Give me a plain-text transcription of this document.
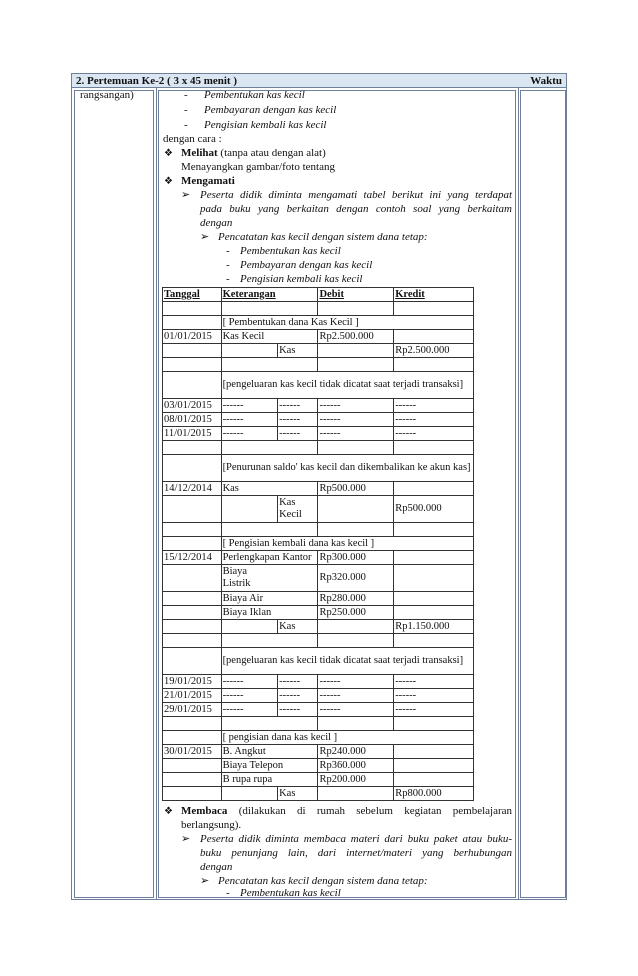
2. Pertemuan Ke-2 ( 3 x 45 menit )	Waktu
rangsangan)	- Pembentukan kas kecil
- Pembayaran dengan kas kecil
- Pengisian kembali kas kecil
dengan cara :
❖ Melihat (tanpa atau dengan alat)
Menayangkan gambar/foto tentang
❖ Mengamati
➢ Peserta didik diminta mengamati tabel berikut ini yang terdapat
pada buku yang berkaitan dengan contoh soal yang berkaitam
dengan
➢ Pencatatan kas kecil dengan sistem dana tetap:
- Pembentukan kas kecil
- Pembayaran dengan kas kecil
- Pengisian kembali kas kecil
Tanggal	Keterangan		Debit	Kredit

	[ Pembentukan dana Kas Kecil ]			
01/01/2015	Kas Kecil		Rp2.500.000	
		Kas		Rp2.500.000

	[pengeluaran kas kecil tidak dicatat saat terjadi transaksi]			
03/01/2015	------	------	------	------
08/01/2015	------	------	------	------
11/01/2015	------	------	------	------

	[Penurunan saldo' kas kecil dan dikembalikan ke akun kas]			
14/12/2014	Kas		Rp500.000	
		Kas Kecil		Rp500.000

	[ Pengisian kembali dana kas kecil ]			
15/12/2014	Perlengkapan Kantor		Rp300.000	
	Biaya Listrik		Rp320.000	
	Biaya Air		Rp280.000	
	Biaya Iklan		Rp250.000	
		Kas		Rp1.150.000

	[pengeluaran kas kecil tidak dicatat saat terjadi transaksi]			
19/01/2015	------	------	------	------
21/01/2015	------	------	------	------
29/01/2015	------	------	------	------

	[ pengisian dana kas kecil ]			
30/01/2015	B. Angkut		Rp240.000	
	Biaya Telepon		Rp360.000	
	B rupa rupa		Rp200.000	
		Kas		Rp800.000
❖ Membaca (dilakukan di rumah sebelum kegiatan pembelajaran
berlangsung).
➢ Peserta didik diminta membaca materi dari buku paket atau buku-
buku penunjang lain, dari internet/materi yang berhubungan
dengan
➢ Pencatatan kas kecil dengan sistem dana tetap:
- Pembentukan kas kecil
